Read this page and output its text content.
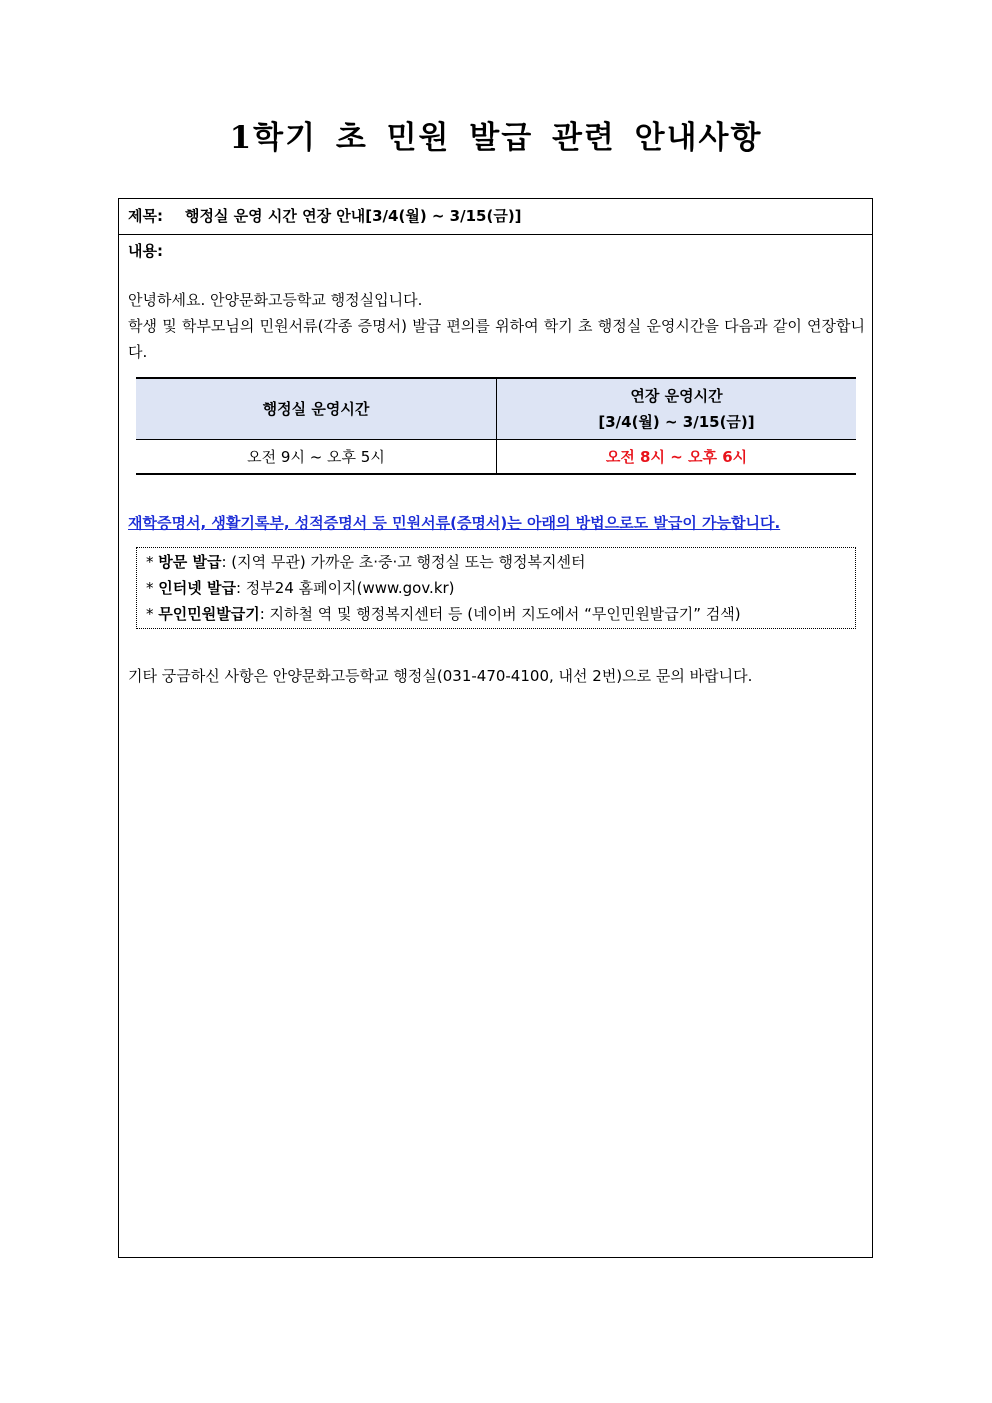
1학기 초 민원 발급 관련 안내사항
제목: 행정실 운영 시간 연장 안내[3/4(월) ~ 3/15(금)]
내용:

안녕하세요. 안양문화고등학교 행정실입니다.

학생 및 학부모님의 민원서류(각종 증명서) 발급 편의를 위하여 학기 초 행정실 운영시간을 다음과 같이 연장합니다.

행정실 운영시간	연장 운영시간
[3/4(월) ~ 3/15(금)]

오전 9시 ~ 오후 5시	오전 8시 ~ 오후 6시
재학증명서, 생활기록부, 성적증명서 등 민원서류(증명서)는 아래의 방법으로도 발급이 가능합니다.
* 방문 발급: (지역 무관) 가까운 초·중·고 행정실 또는 행정복지센터
* 인터넷 발급: 정부24 홈페이지(www.gov.kr)
* 무인민원발급기: 지하철 역 및 행정복지센터 등 (네이버 지도에서 “무인민원발급기” 검색)
기타 궁금하신 사항은 안양문화고등학교 행정실(031-470-4100, 내선 2번)으로 문의 바랍니다.
